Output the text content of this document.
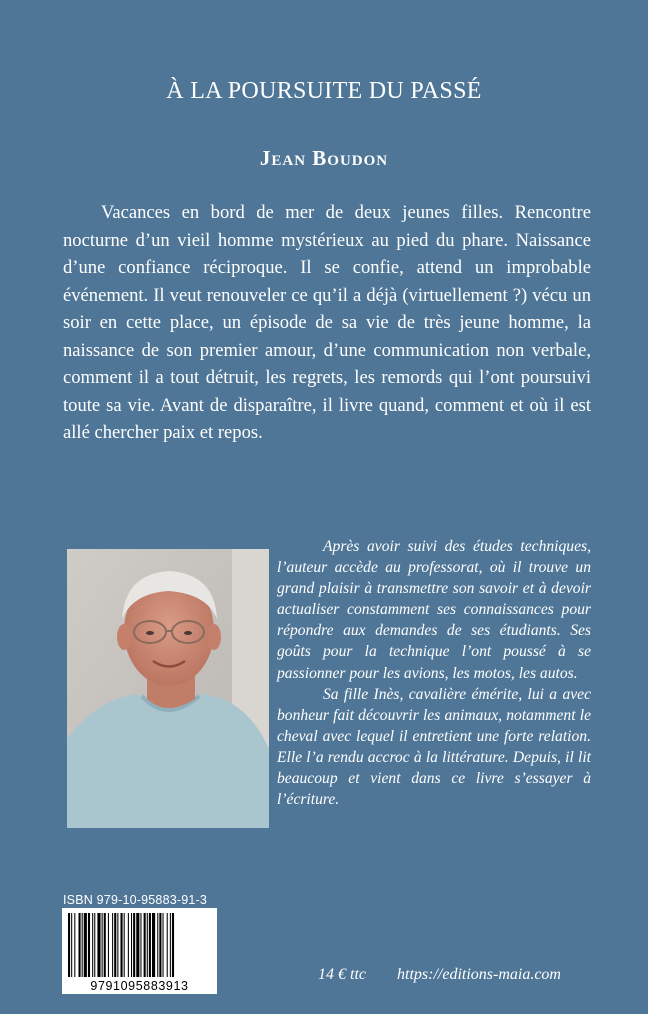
À LA POURSUITE DU PASSÉ
Jean Boudon

Vacances en bord de mer de deux jeunes filles. Rencontre nocturne d’un vieil homme mystérieux au pied du phare. Naissance d’une confiance réciproque. Il se confie, attend un improbable événement. Il veut renouveler ce qu’il a déjà (virtuellement ?) vécu un soir en cette place, un épisode de sa vie de très jeune homme, la naissance de son premier amour, d’une communication non verbale, comment il a tout détruit, les regrets, les remords qui l’ont poursuivi toute sa vie. Avant de disparaître, il livre quand, comment et où il est allé chercher paix et repos.

Après avoir suivi des études techniques, l’auteur accède au professorat, où il trouve un grand plaisir à transmettre son savoir et à devoir actualiser constamment ses connaissances pour répondre aux demandes de ses étudiants. Ses goûts pour la technique l’ont poussé à se passionner pour les avions, les motos, les autos.

Sa fille Inès, cavalière émérite, lui a avec bonheur fait découvrir les animaux, notamment le cheval avec lequel il entretient une forte relation. Elle l’a rendu accroc à la littérature. Depuis, il lit beaucoup et vient dans ce livre s’essayer à l’écriture.

ISBN 979-10-95883-91-3
9791095883913
14 € ttc https://editions-maia.com
